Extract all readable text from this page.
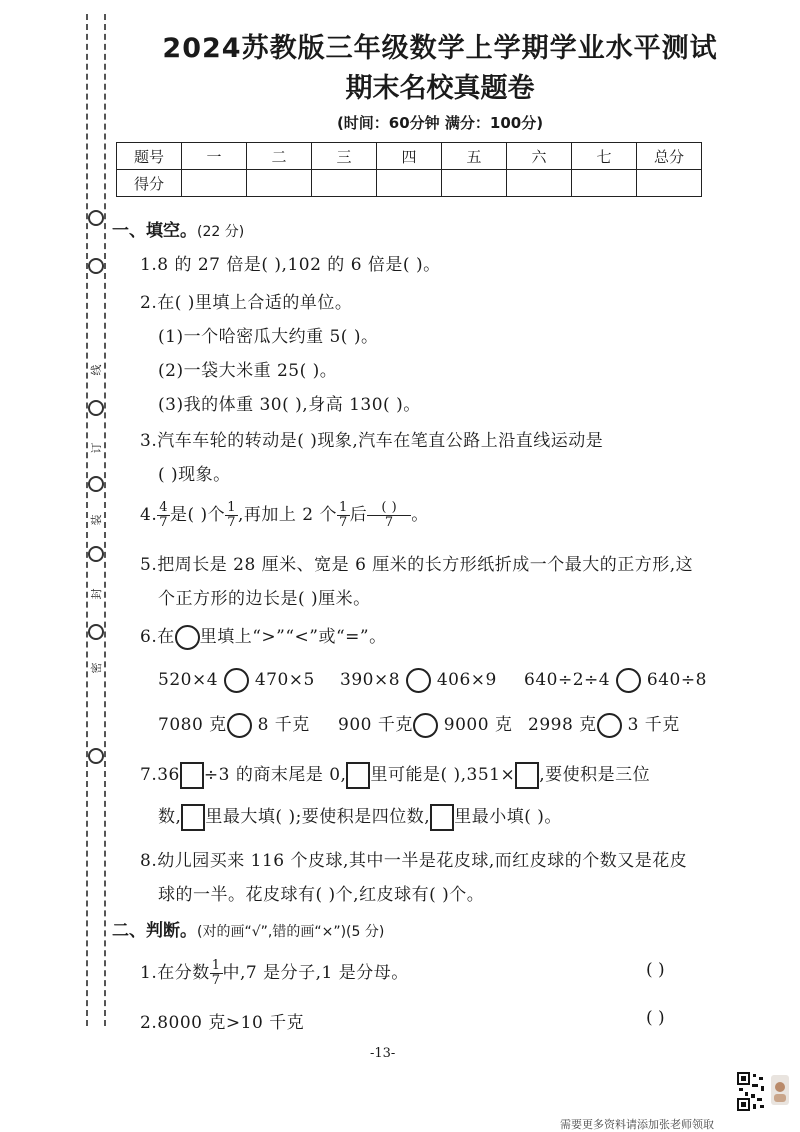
线
订
装
封
密
2024苏教版三年级数学上学期学业水平测试
期末名校真题卷
(时间：60分钟 满分：100分)
题号	一	二	三	四	五	六	七	总分
得分								
一、填空。(22 分)
1.8 的 27 倍是( ),102 的 6 倍是( )。
2.在( )里填上合适的单位。
(1)一个哈密瓜大约重 5( )。
(2)一袋大米重 25( )。
(3)我的体重 30( ),身高 130( )。
3.汽车车轮的转动是( )现象,汽车在笔直公路上沿直线运动是
( )现象。
4. $\frac{4}{7}$ 是( )个 $\frac{1}{7}$ ,再加上 2 个 $\frac{1}{7}$ 后 $\frac{( )}{7}$ 。
5.把周长是 28 厘米、宽是 6 厘米的长方形纸折成一个最大的正方形,这
个正方形的边长是( )厘米。
6.在 里填上“>”“<”或“=”。
520×4 470×5 390×8 406×9 640÷2÷4 640÷8
7080 克 8 千克 900 千克 9000 克 2998 克 3 千克
7.36 ÷3 的商末尾是 0, 里可能是( ),351× ,要使积是三位
数, 里最大填( );要使积是四位数, 里最小填( )。
8.幼儿园买来 116 个皮球,其中一半是花皮球,而红皮球的个数又是花皮
球的一半。花皮球有( )个,红皮球有( )个。
二、判断。(对的画“√”,错的画“×”)(5 分)
1.在分数 $\frac{1}{7}$ 中,7 是分子,1 是分母。	( )
2.8000 克>10 千克	( )
-13-
需要更多资料请添加张老师领取
